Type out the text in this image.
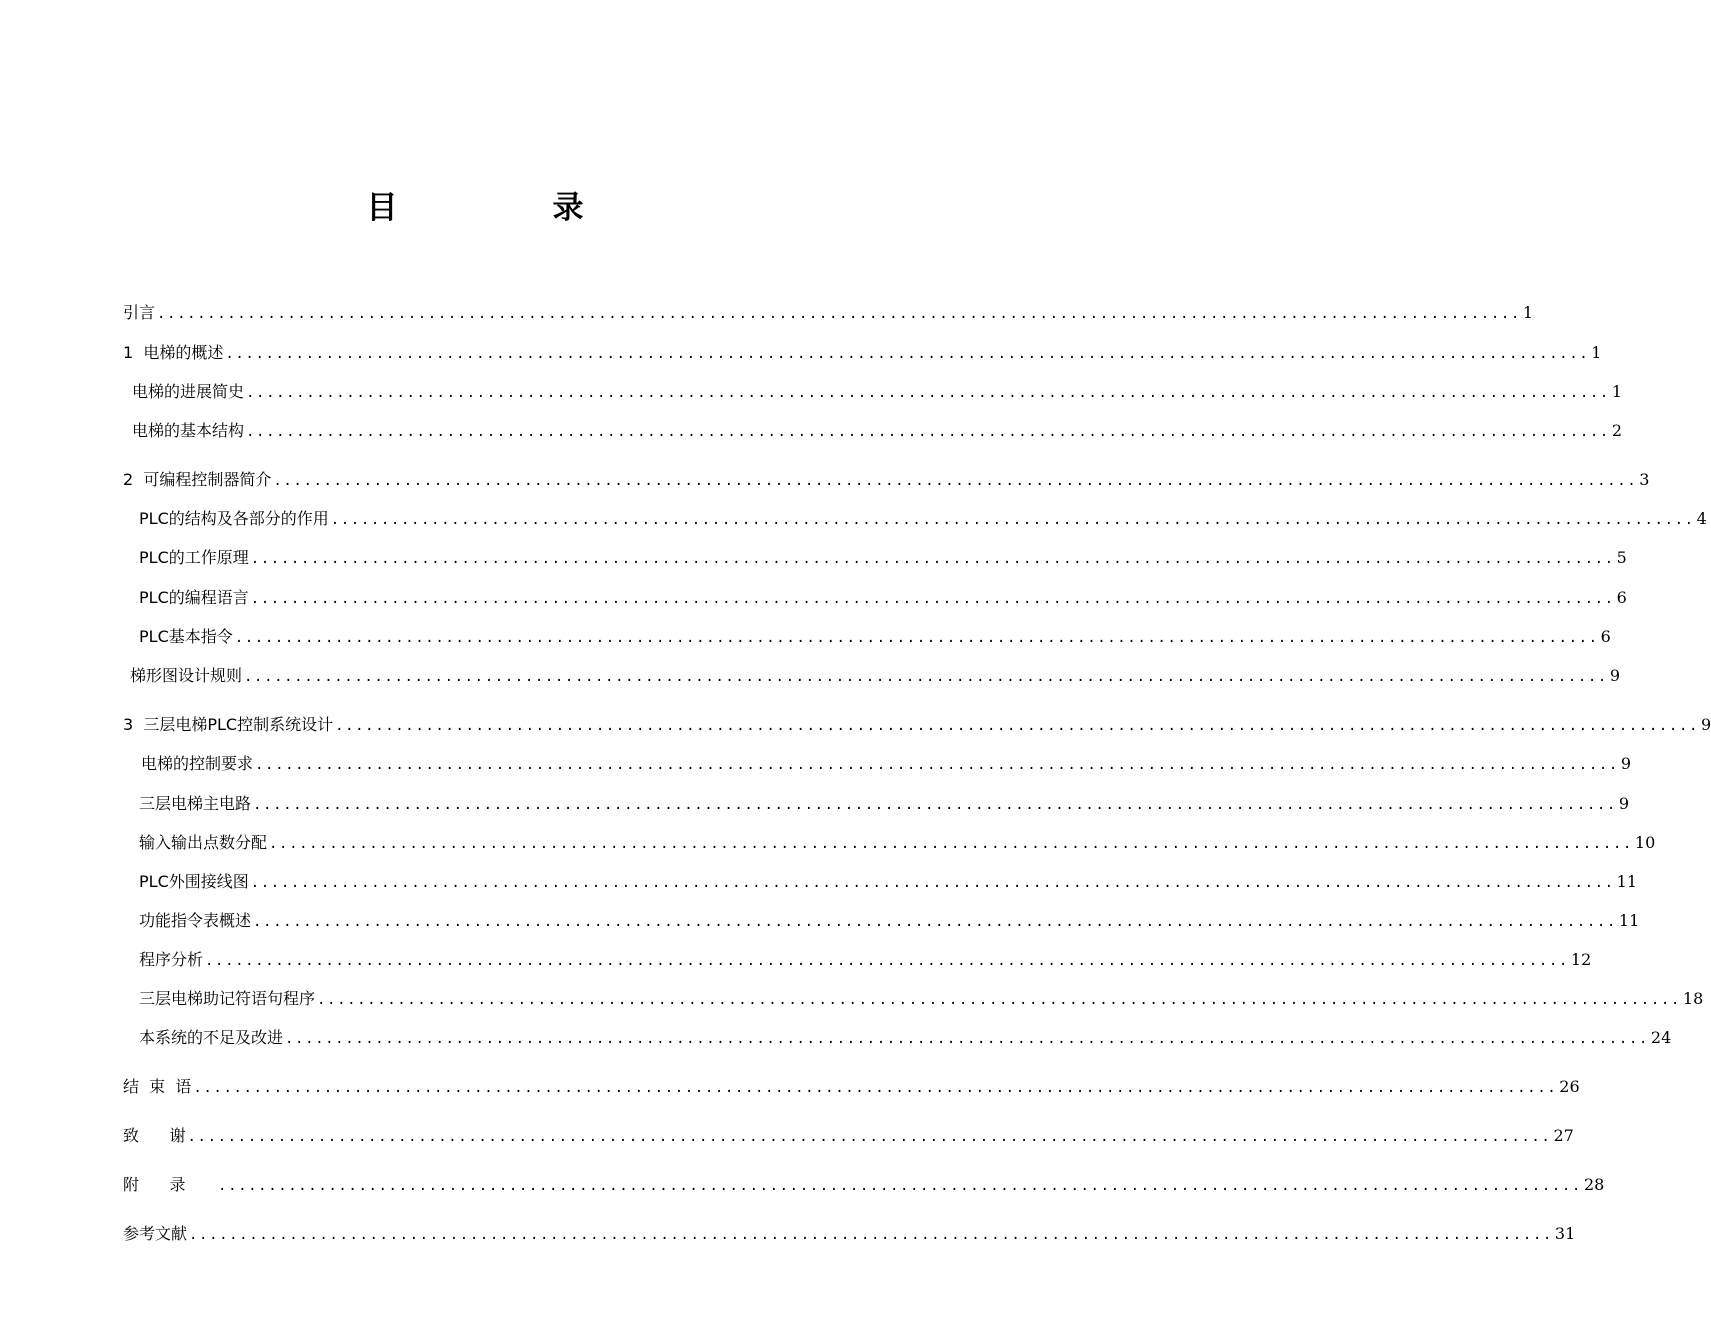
目　录
引言 ........................................................................................................................................ 1
1  电梯的概述 ........................................................................................................................................ 1
电梯的进展简史 ........................................................................................................................................ 1
电梯的基本结构 ........................................................................................................................................ 2
2  可编程控制器简介 ........................................................................................................................................ 3
PLC的结构及各部分的作用 ........................................................................................................................................ 4
PLC的工作原理 ........................................................................................................................................ 5
PLC的编程语言 ........................................................................................................................................ 6
PLC基本指令 ........................................................................................................................................ 6
梯形图设计规则 ........................................................................................................................................ 9
3  三层电梯PLC控制系统设计 ........................................................................................................................................ 9
电梯的控制要求 ........................................................................................................................................ 9
三层电梯主电路 ........................................................................................................................................ 9
输入输出点数分配 ........................................................................................................................................ 10
PLC外围接线图 ........................................................................................................................................ 11
功能指令表概述 ........................................................................................................................................ 11
程序分析 ........................................................................................................................................ 12
三层电梯助记符语句程序 ........................................................................................................................................ 18
本系统的不足及改进 ........................................................................................................................................ 24
结  束  语 ........................................................................................................................................ 26
致      谢 ........................................................................................................................................ 27
附      录 ........................................................................................................................................ 28
参考文献 ........................................................................................................................................ 31
